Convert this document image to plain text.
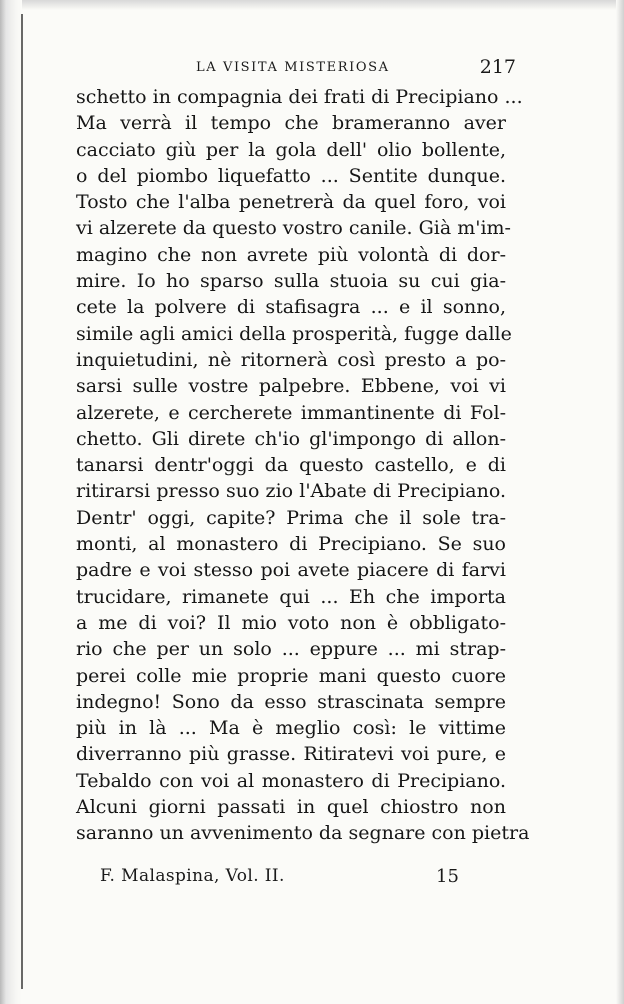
LA VISITA MISTERIOSA	217
schetto in compagnia dei frati di Precipiano ...
Ma verrà il tempo che brameranno aver
cacciato giù per la gola dell' olio bollente,
o del piombo liquefatto ... Sentite dunque.
Tosto che l'alba penetrerà da quel foro, voi
vi alzerete da questo vostro canile. Già m'im-
magino che non avrete più volontà di dor-
mire. Io ho sparso sulla stuoia su cui gia-
cete la polvere di stafisagra ... e il sonno,
simile agli amici della prosperità, fugge dalle
inquietudini, nè ritornerà così presto a po-
sarsi sulle vostre palpebre. Ebbene, voi vi
alzerete, e cercherete immantinente di Fol-
chetto. Gli direte ch'io gl'impongo di allon-
tanarsi dentr'oggi da questo castello, e di
ritirarsi presso suo zio l'Abate di Precipiano.
Dentr' oggi, capite? Prima che il sole tra-
monti, al monastero di Precipiano. Se suo
padre e voi stesso poi avete piacere di farvi
trucidare, rimanete qui ... Eh che importa
a me di voi? Il mio voto non è obbligato-
rio che per un solo ... eppure ... mi strap-
perei colle mie proprie mani questo cuore
indegno! Sono da esso strascinata sempre
più in là ... Ma è meglio così: le vittime
diverranno più grasse. Ritiratevi voi pure, e
Tebaldo con voi al monastero di Precipiano.
Alcuni giorni passati in quel chiostro non
saranno un avvenimento da segnare con pietra
F. Malaspina, Vol. II.	15
